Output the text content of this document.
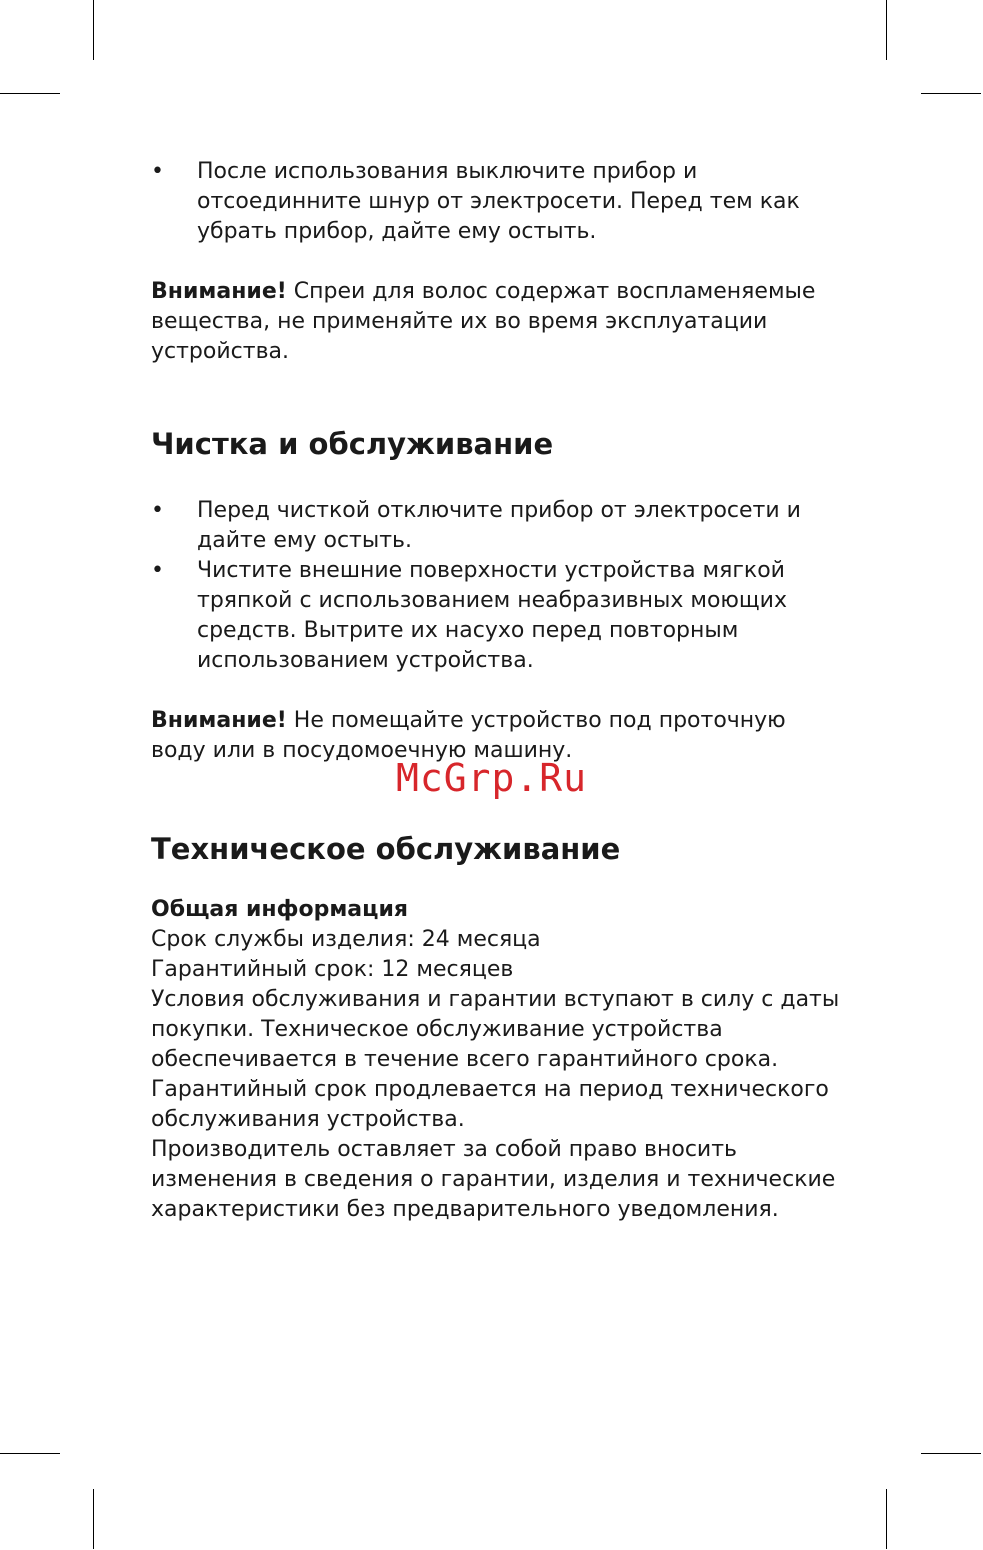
• После использования выключите прибор и отсоединните шнур от электросети. Перед тем как убрать прибор, дайте ему остыть.

Внимание! Спреи для волос содержат воспламеняемые вещества, не применяйте их во время эксплуатации устройства.

Чистка и обслуживание
• Перед чисткой отключите прибор от электросети и дайте ему остыть.
• Чистите внешние поверхности устройства мягкой тряпкой с использованием неабразивных моющих средств. Вытрите их насухо перед повторным использованием устройства.

Внимание! Не помещайте устройство под проточную воду или в посудомоечную машину.

Техническое обслуживание
Общая информация

Срок службы изделия: 24 месяца

Гарантийный срок: 12 месяцев

Условия обслуживания и гарантии вступают в силу с даты покупки. Техническое обслуживание устройства обеспечивается в течение всего гарантийного срока. Гарантийный срок продлевается на период технического обслуживания устройства.

Производитель оставляет за собой право вносить изменения в сведения о гарантии, изделия и технические характеристики без предварительного уведомления.

McGrp.Ru
